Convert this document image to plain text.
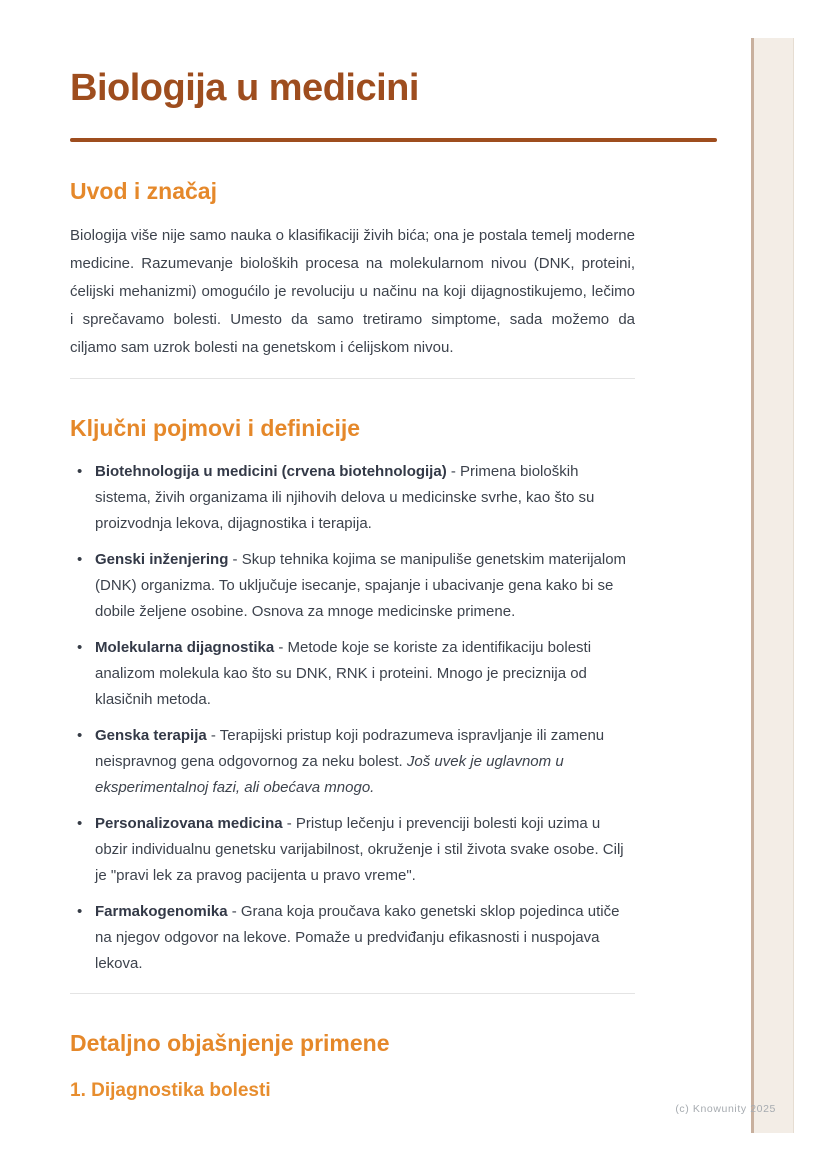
(c) Knowunity 2025
Biologija u medicini
Uvod i značaj

Biologija više nije samo nauka o klasifikaciji živih bića; ona je postala temelj moderne medicine. Razumevanje bioloških procesa na molekularnom nivou (DNK, proteini, ćelijski mehanizmi) omogućilo je revoluciju u načinu na koji dijagnostikujemo, lečimo i sprečavamo bolesti. Umesto da samo tretiramo simptome, sada možemo da ciljamo sam uzrok bolesti na genetskom i ćelijskom nivou.

Ključni pojmovi i definicije
• Biotehnologija u medicini (crvena biotehnologija) - Primena bioloških sistema, živih organizama ili njihovih delova u medicinske svrhe, kao što su proizvodnja lekova, dijagnostika i terapija.
• Genski inženjering - Skup tehnika kojima se manipuliše genetskim materijalom (DNK) organizma. To uključuje isecanje, spajanje i ubacivanje gena kako bi se dobile željene osobine. Osnova za mnoge medicinske primene.
• Molekularna dijagnostika - Metode koje se koriste za identifikaciju bolesti analizom molekula kao što su DNK, RNK i proteini. Mnogo je preciznija od klasičnih metoda.
• Genska terapija - Terapijski pristup koji podrazumeva ispravljanje ili zamenu neispravnog gena odgovornog za neku bolest. Još uvek je uglavnom u eksperimentalnoj fazi, ali obećava mnogo.
• Personalizovana medicina - Pristup lečenju i prevenciji bolesti koji uzima u obzir individualnu genetsku varijabilnost, okruženje i stil života svake osobe. Cilj je "pravi lek za pravog pacijenta u pravo vreme".
• Farmakogenomika - Grana koja proučava kako genetski sklop pojedinca utiče na njegov odgovor na lekove. Pomaže u predviđanju efikasnosti i nuspojava lekova.
Detaljno objašnjenje primene
1. Dijagnostika bolesti
